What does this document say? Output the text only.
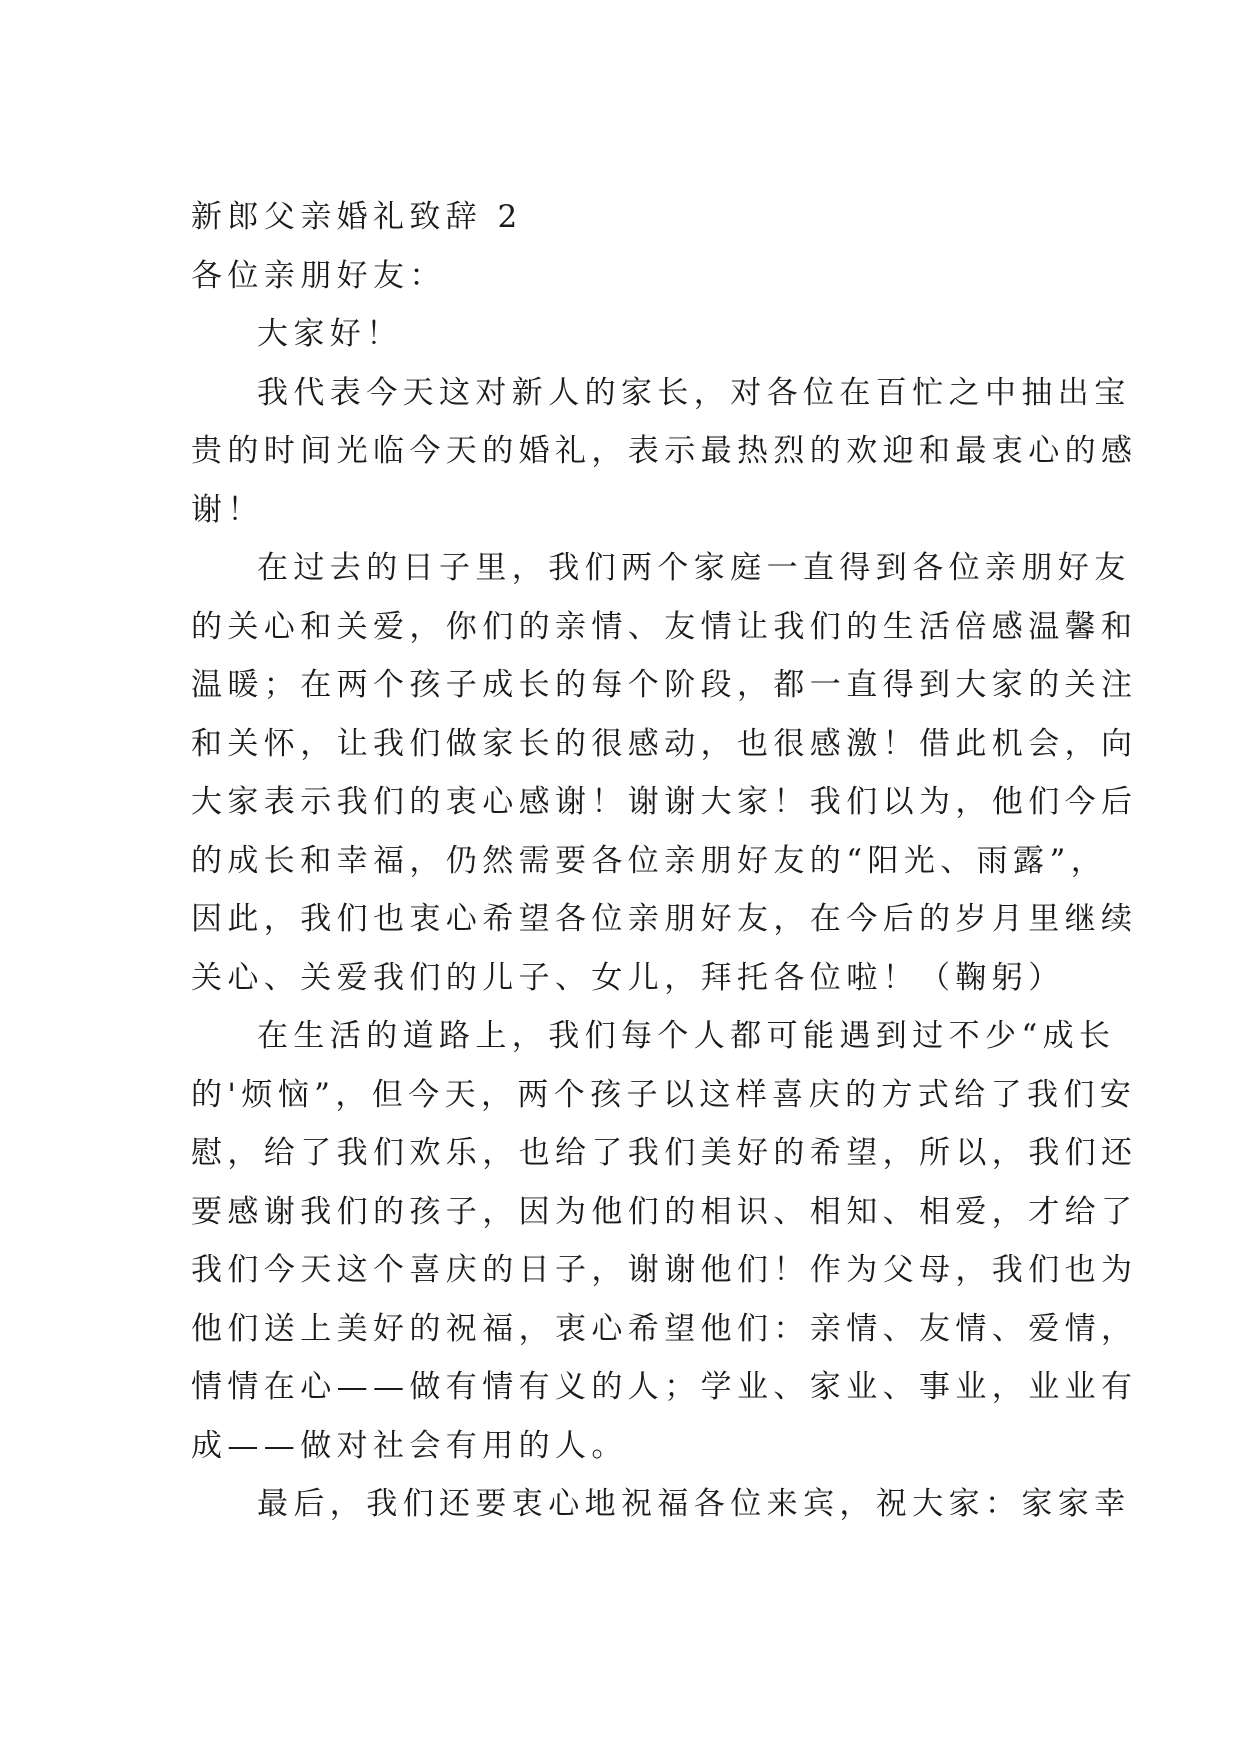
新郎父亲婚礼致辞 2
各位亲朋好友：
大家好！
我代表今天这对新人的家长，对各位在百忙之中抽出宝
贵的时间光临今天的婚礼，表示最热烈的欢迎和最衷心的感
谢！
在过去的日子里，我们两个家庭一直得到各位亲朋好友
的关心和关爱，你们的亲情、友情让我们的生活倍感温馨和
温暖；在两个孩子成长的每个阶段，都一直得到大家的关注
和关怀，让我们做家长的很感动，也很感激！借此机会，向
大家表示我们的衷心感谢！谢谢大家！我们以为，他们今后
的成长和幸福，仍然需要各位亲朋好友的“阳光、雨露”，
因此，我们也衷心希望各位亲朋好友，在今后的岁月里继续
关心、关爱我们的儿子、女儿，拜托各位啦！（鞠躬）
在生活的道路上，我们每个人都可能遇到过不少“成长
的'烦恼”，但今天，两个孩子以这样喜庆的方式给了我们安
慰，给了我们欢乐，也给了我们美好的希望，所以，我们还
要感谢我们的孩子，因为他们的相识、相知、相爱，才给了
我们今天这个喜庆的日子，谢谢他们！作为父母，我们也为
他们送上美好的祝福，衷心希望他们：亲情、友情、爱情，
情情在心——做有情有义的人；学业、家业、事业，业业有
成——做对社会有用的人。
最后，我们还要衷心地祝福各位来宾，祝大家：家家幸
